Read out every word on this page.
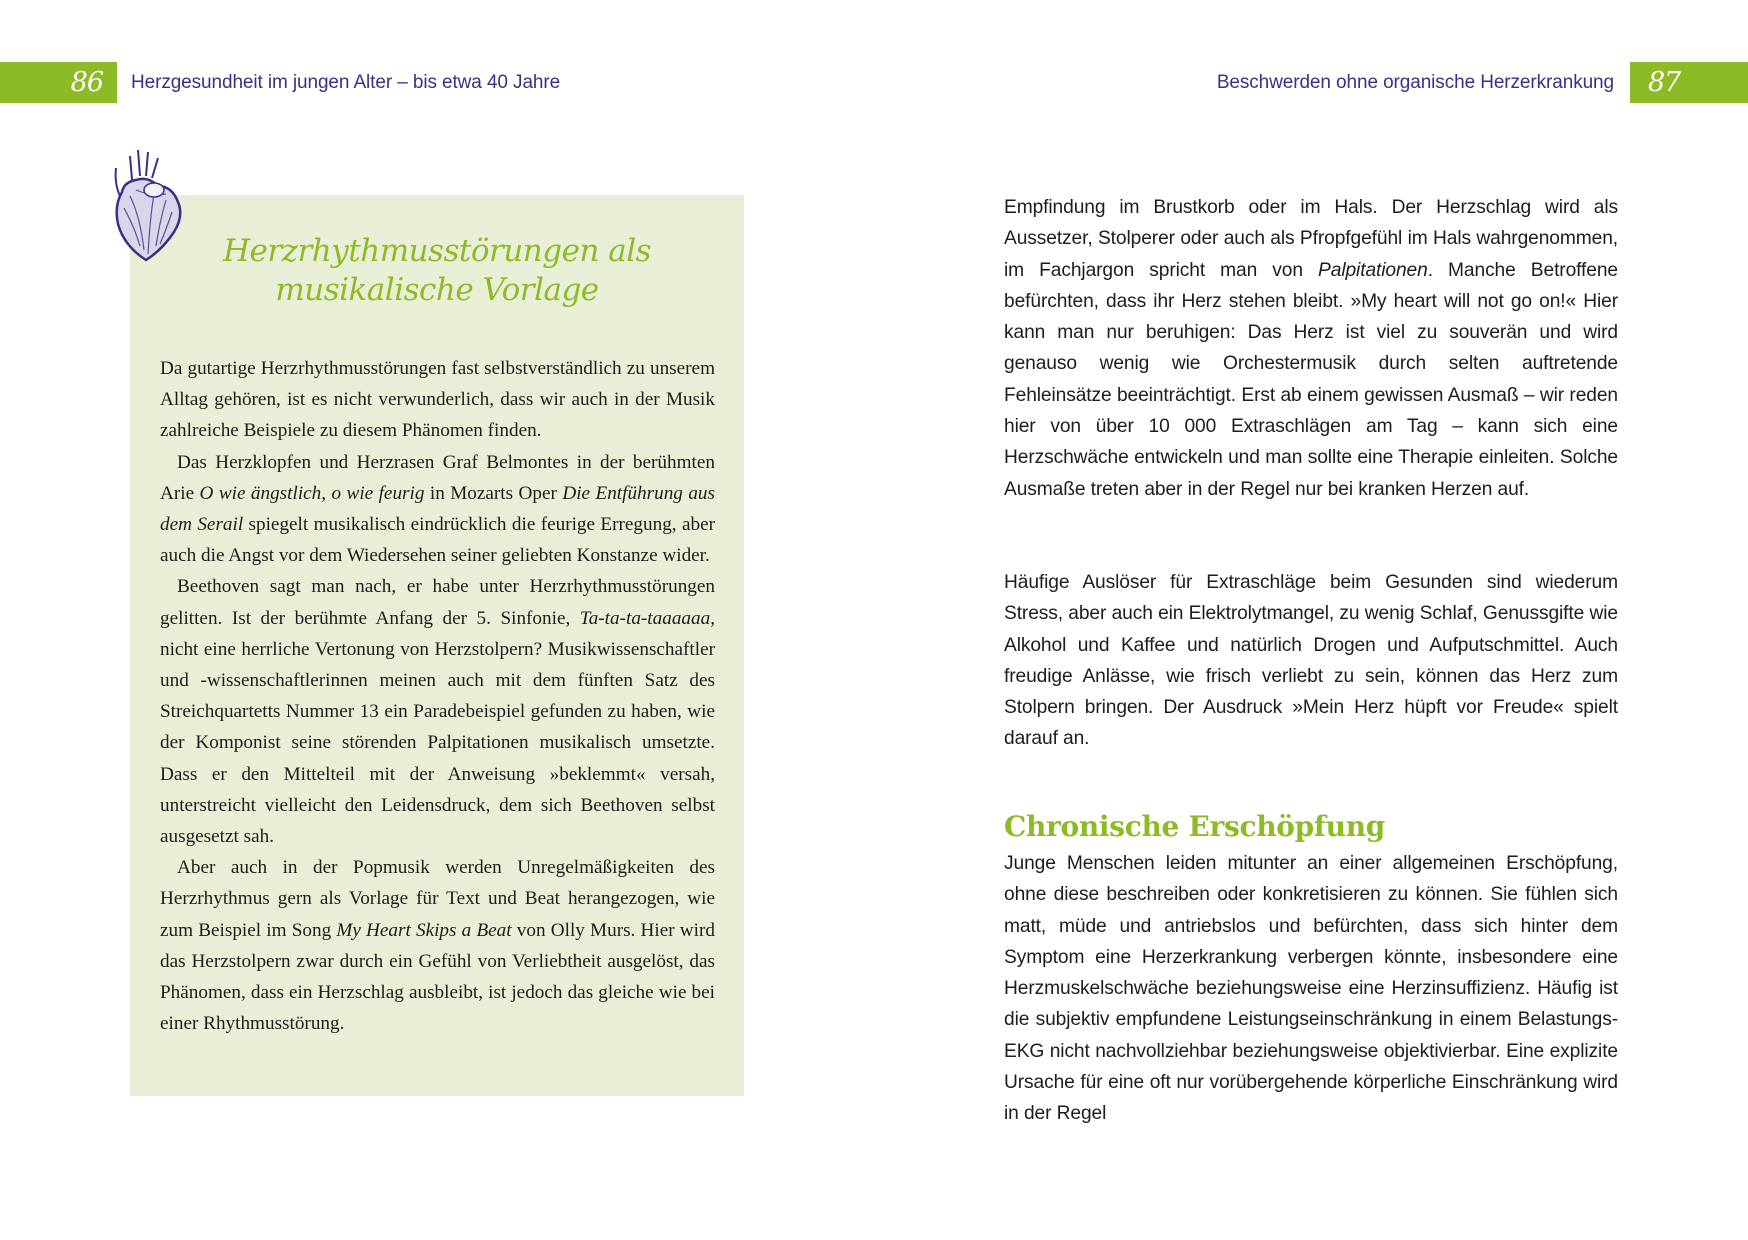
86 Herzgesundheit im jungen Alter – bis etwa 40 Jahre
Herzrhythmusstörungen als
musikalische Vorlage

Da gutartige Herzrhythmusstörungen fast selbstverständlich zu unserem Alltag gehören, ist es nicht verwunderlich, dass wir auch in der Musik zahlreiche Beispiele zu diesem Phänomen finden.

Das Herzklopfen und Herzrasen Graf Belmontes in der berühmten Arie O wie ängstlich, o wie feurig in Mozarts Oper Die Entführung aus dem Serail spiegelt musikalisch eindrücklich die feurige Erregung, aber auch die Angst vor dem Wiedersehen seiner geliebten Konstanze wider.

Beethoven sagt man nach, er habe unter Herzrhythmusstörungen gelitten. Ist der berühmte Anfang der 5. Sinfonie, Ta-ta-ta-taaaaaa, nicht eine herrliche Vertonung von Herzstolpern? Musikwissenschaftler und -wissenschaftlerinnen meinen auch mit dem fünften Satz des Streichquartetts Nummer 13 ein Paradebeispiel gefunden zu haben, wie der Komponist seine störenden Palpitationen musikalisch umsetzte. Dass er den Mittelteil mit der Anweisung »beklemmt« versah, unterstreicht vielleicht den Leidensdruck, dem sich Beethoven selbst ausgesetzt sah.

Aber auch in der Popmusik werden Unregelmäßigkeiten des Herzrhythmus gern als Vorlage für Text und Beat herangezogen, wie zum Beispiel im Song My Heart Skips a Beat von Olly Murs. Hier wird das Herzstolpern zwar durch ein Gefühl von Verliebtheit ausgelöst, das Phänomen, dass ein Herzschlag ausbleibt, ist jedoch das gleiche wie bei einer Rhythmusstörung.

Beschwerden ohne organische Herzerkrankung 87
Empfindung im Brustkorb oder im Hals. Der Herzschlag wird als Aussetzer, Stolperer oder auch als Pfropfgefühl im Hals wahrgenommen, im Fachjargon spricht man von Palpitationen. Manche Betroffene befürchten, dass ihr Herz stehen bleibt. »My heart will not go on!« Hier kann man nur beruhigen: Das Herz ist viel zu souverän und wird genauso wenig wie Orchestermusik durch selten auftretende Fehleinsätze beeinträchtigt. Erst ab einem gewissen Ausmaß – wir reden hier von über 10 000 Extraschlägen am Tag – kann sich eine Herzschwäche entwickeln und man sollte eine Therapie einleiten. Solche Ausmaße treten aber in der Regel nur bei kranken Herzen auf.
Häufige Auslöser für Extraschläge beim Gesunden sind wiederum Stress, aber auch ein Elektrolytmangel, zu wenig Schlaf, Genussgifte wie Alkohol und Kaffee und natürlich Drogen und Aufputschmittel. Auch freudige Anlässe, wie frisch verliebt zu sein, können das Herz zum Stolpern bringen. Der Ausdruck »Mein Herz hüpft vor Freude« spielt darauf an.
Chronische Erschöpfung
Junge Menschen leiden mitunter an einer allgemeinen Erschöpfung, ohne diese beschreiben oder konkretisieren zu können. Sie fühlen sich matt, müde und antriebslos und befürchten, dass sich hinter dem Symptom eine Herzerkrankung verbergen könnte, insbesondere eine Herzmuskelschwäche beziehungsweise eine Herzinsuffizienz. Häufig ist die subjektiv empfundene Leistungseinschränkung in einem Belastungs-EKG nicht nachvollziehbar beziehungsweise objektivierbar. Eine explizite Ursache für eine oft nur vorübergehende körperliche Einschränkung wird in der Regel
